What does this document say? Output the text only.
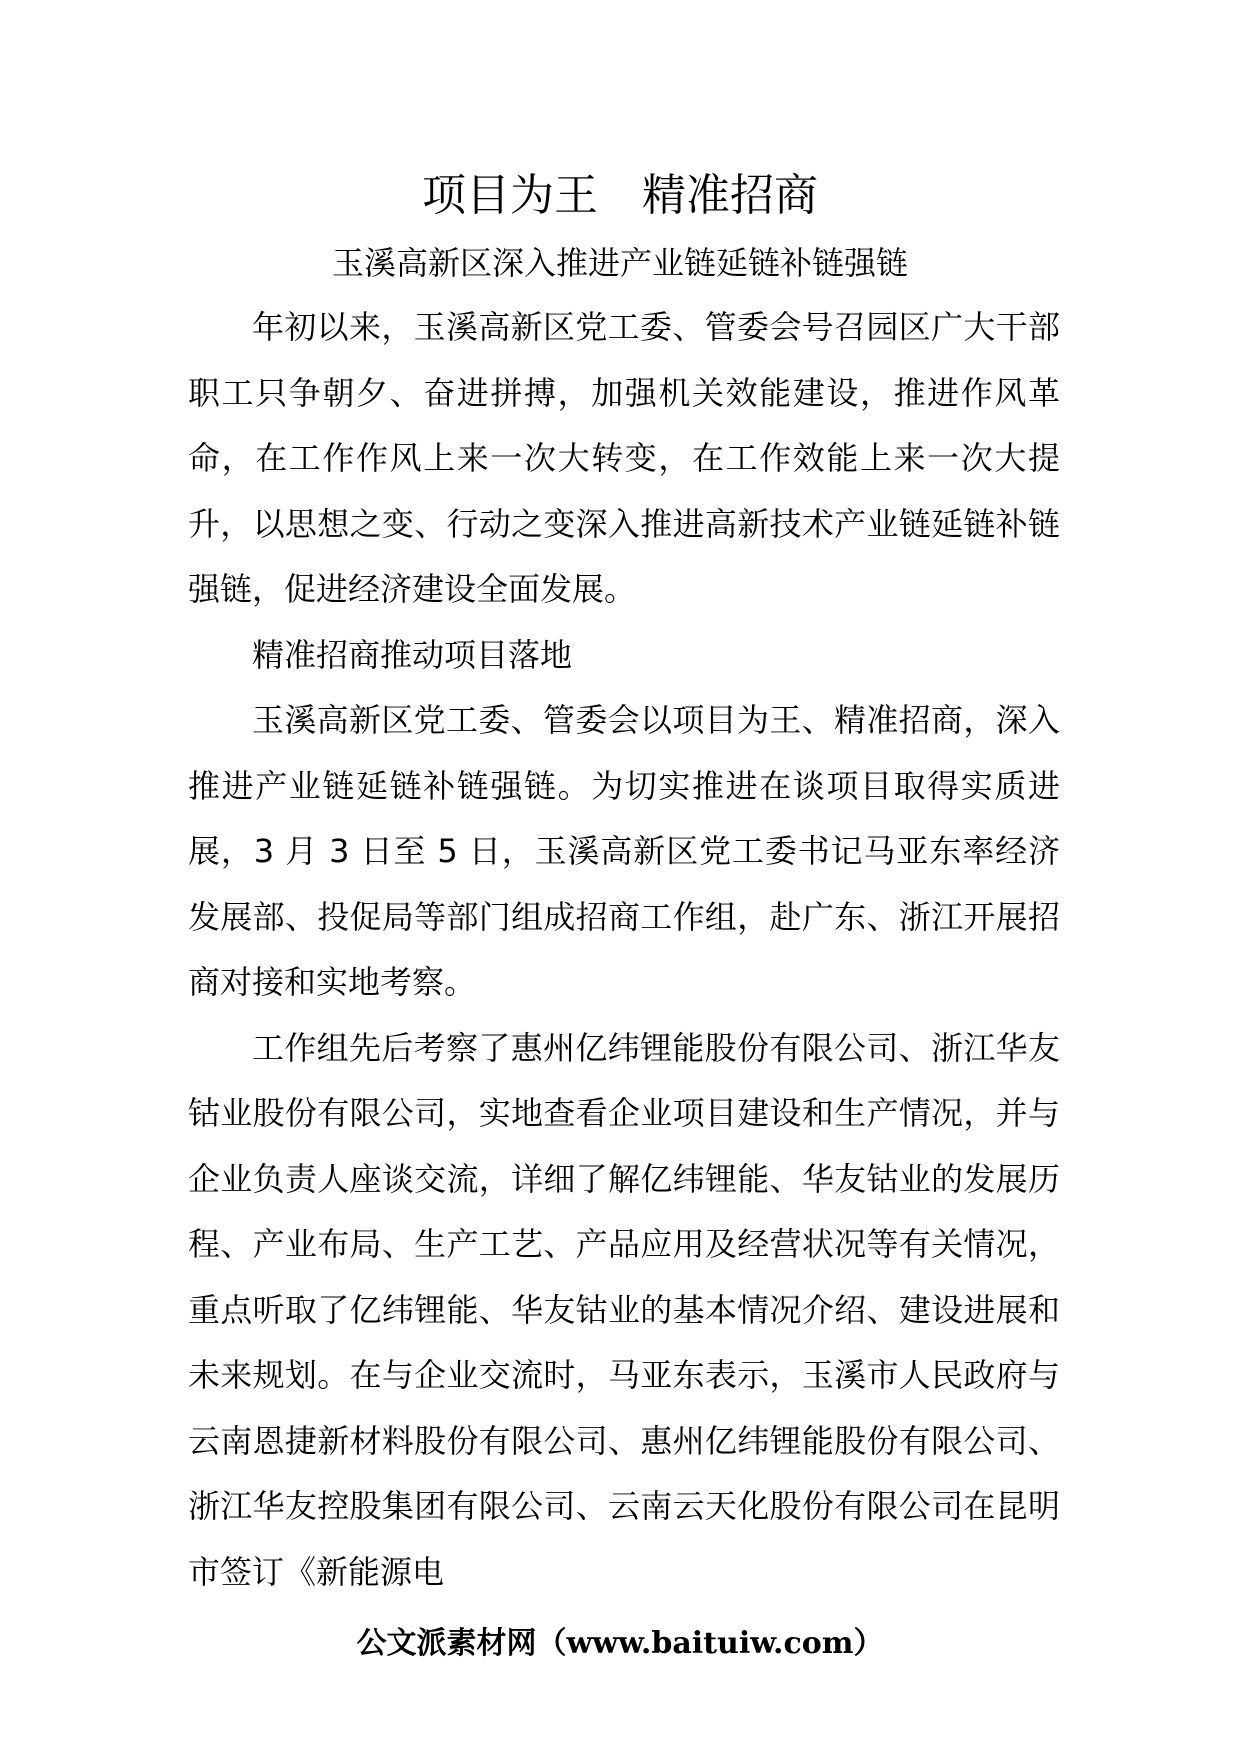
项目为王　精准招商
玉溪高新区深入推进产业链延链补链强链

年初以来，玉溪高新区党工委、管委会号召园区广大干部职工只争朝夕、奋进拼搏，加强机关效能建设，推进作风革命，在工作作风上来一次大转变，在工作效能上来一次大提升，以思想之变、行动之变深入推进高新技术产业链延链补链强链，促进经济建设全面发展。

精准招商推动项目落地

玉溪高新区党工委、管委会以项目为王、精准招商，深入推进产业链延链补链强链。为切实推进在谈项目取得实质进展，3 月 3 日至 5 日，玉溪高新区党工委书记马亚东率经济发展部、投促局等部门组成招商工作组，赴广东、浙江开展招商对接和实地考察。

工作组先后考察了惠州亿纬锂能股份有限公司、浙江华友钴业股份有限公司，实地查看企业项目建设和生产情况，并与企业负责人座谈交流，详细了解亿纬锂能、华友钴业的发展历程、产业布局、生产工艺、产品应用及经营状况等有关情况，重点听取了亿纬锂能、华友钴业的基本情况介绍、建设进展和未来规划。在与企业交流时，马亚东表示，玉溪市人民政府与云南恩捷新材料股份有限公司、惠州亿纬锂能股份有限公司、浙江华友控股集团有限公司、云南云天化股份有限公司在昆明市签订《新能源电

公文派素材网（www.baituiw.com）
